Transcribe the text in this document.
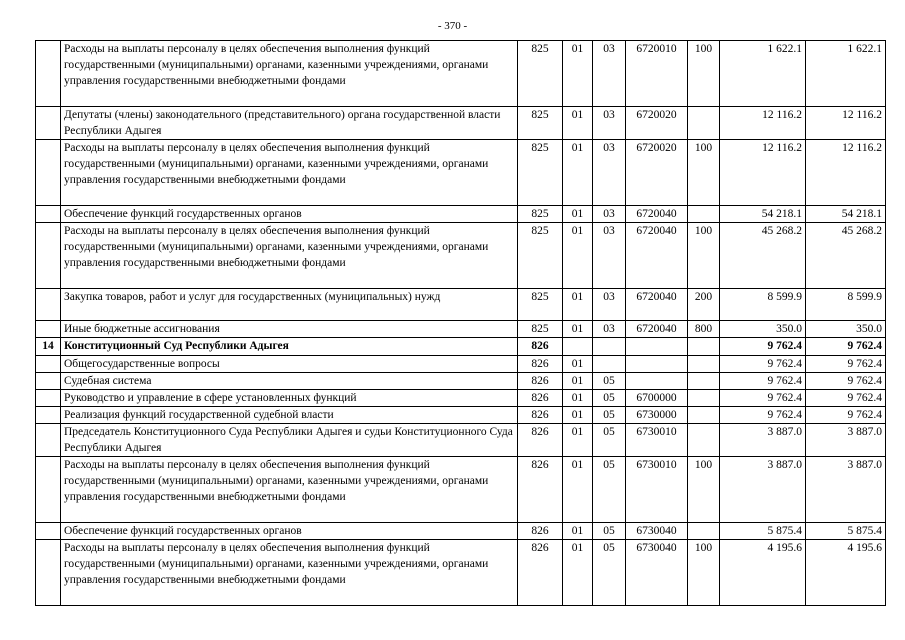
- 370 -
	Расходы на выплаты персоналу в целях обеспечения выполнения функций государственными (муниципальными) органами, казенными учреждениями, органами управления государственными внебюджетными фондами	825	01	03	6720010	100	1 622.1	1 622.1
	Депутаты (члены) законодательного (представительного) органа государственной власти Республики Адыгея	825	01	03	6720020		12 116.2	12 116.2
	Расходы на выплаты персоналу в целях обеспечения выполнения функций государственными (муниципальными) органами, казенными учреждениями, органами управления государственными внебюджетными фондами	825	01	03	6720020	100	12 116.2	12 116.2
	Обеспечение функций государственных органов	825	01	03	6720040		54 218.1	54 218.1
	Расходы на выплаты персоналу в целях обеспечения выполнения функций государственными (муниципальными) органами, казенными учреждениями, органами управления государственными внебюджетными фондами	825	01	03	6720040	100	45 268.2	45 268.2
	Закупка товаров, работ и услуг для государственных (муниципальных) нужд	825	01	03	6720040	200	8 599.9	8 599.9
	Иные бюджетные ассигнования	825	01	03	6720040	800	350.0	350.0
14	Конституционный Суд Республики Адыгея	826					9 762.4	9 762.4
	Общегосударственные вопросы	826	01				9 762.4	9 762.4
	Судебная система	826	01	05			9 762.4	9 762.4
	Руководство и управление в сфере установленных функций	826	01	05	6700000		9 762.4	9 762.4
	Реализация функций государственной судебной власти	826	01	05	6730000		9 762.4	9 762.4
	Председатель Конституционного Суда Республики Адыгея и судьи Конституционного Суда Республики Адыгея	826	01	05	6730010		3 887.0	3 887.0
	Расходы на выплаты персоналу в целях обеспечения выполнения функций государственными (муниципальными) органами, казенными учреждениями, органами управления государственными внебюджетными фондами	826	01	05	6730010	100	3 887.0	3 887.0
	Обеспечение функций государственных органов	826	01	05	6730040		5 875.4	5 875.4
	Расходы на выплаты персоналу в целях обеспечения выполнения функций государственными (муниципальными) органами, казенными учреждениями, органами управления государственными внебюджетными фондами	826	01	05	6730040	100	4 195.6	4 195.6
